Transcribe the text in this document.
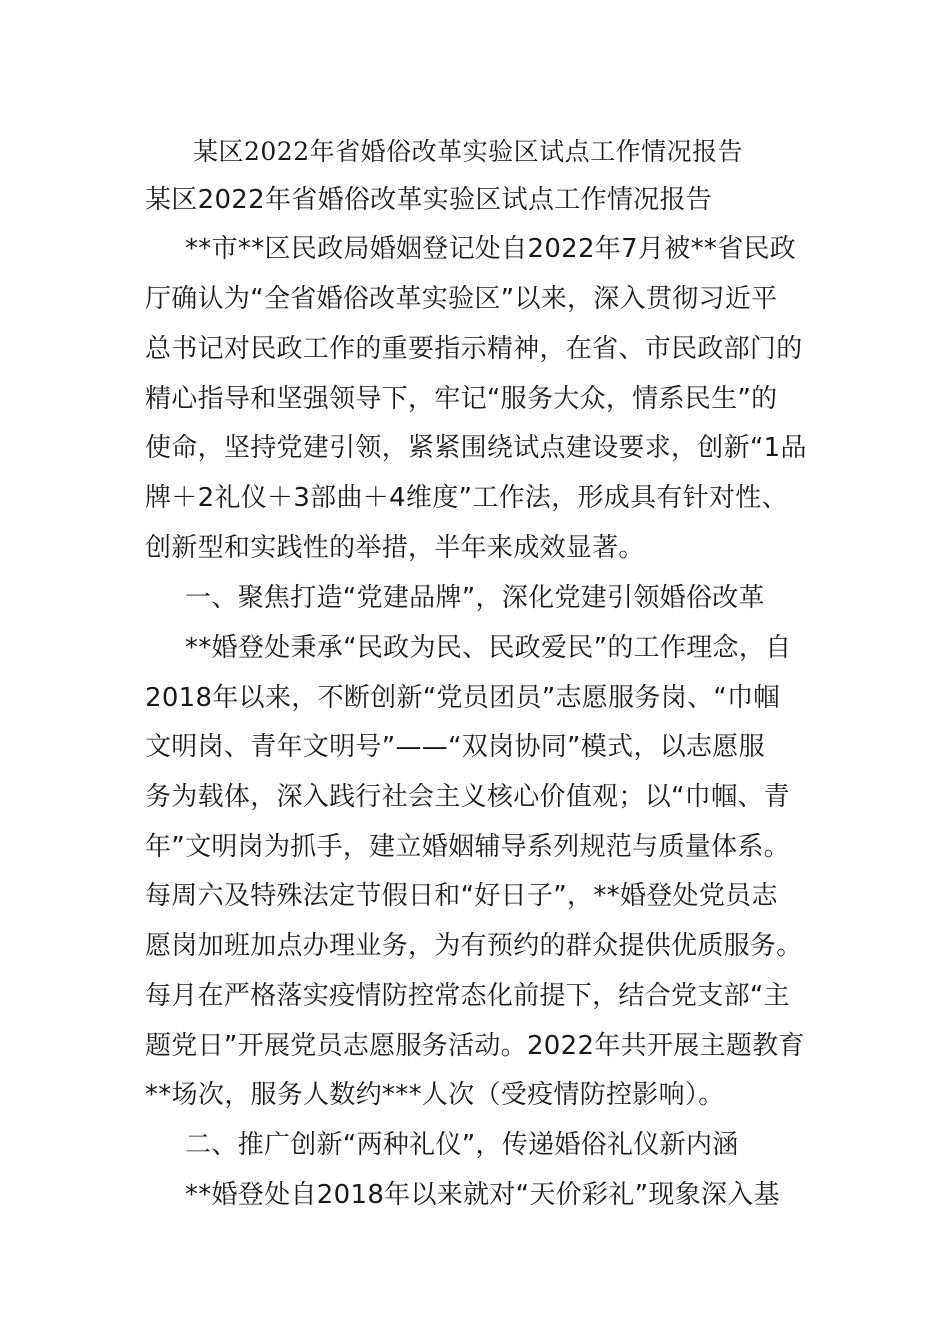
某区2022年省婚俗改革实验区试点工作情况报告
某区2022年省婚俗改革实验区试点工作情况报告
**市**区民政局婚姻登记处自2022年7月被**省民政
厅确认为“全省婚俗改革实验区”以来，深入贯彻习近平
总书记对民政工作的重要指示精神，在省、市民政部门的
精心指导和坚强领导下，牢记“服务大众，情系民生”的
使命，坚持党建引领，紧紧围绕试点建设要求，创新“1品
牌＋2礼仪＋3部曲＋4维度”工作法，形成具有针对性、
创新型和实践性的举措，半年来成效显著。
一、聚焦打造“党建品牌”，深化党建引领婚俗改革
**婚登处秉承“民政为民、民政爱民”的工作理念，自
2018年以来，不断创新“党员团员”志愿服务岗、“巾帼
文明岗、青年文明号”——“双岗协同”模式，以志愿服
务为载体，深入践行社会主义核心价值观；以“巾帼、青
年”文明岗为抓手，建立婚姻辅导系列规范与质量体系。
每周六及特殊法定节假日和“好日子”，**婚登处党员志
愿岗加班加点办理业务，为有预约的群众提供优质服务。
每月在严格落实疫情防控常态化前提下，结合党支部“主
题党日”开展党员志愿服务活动。2022年共开展主题教育
**场次，服务人数约***人次（受疫情防控影响）。
二、推广创新“两种礼仪”，传递婚俗礼仪新内涵
**婚登处自2018年以来就对“天价彩礼”现象深入基
